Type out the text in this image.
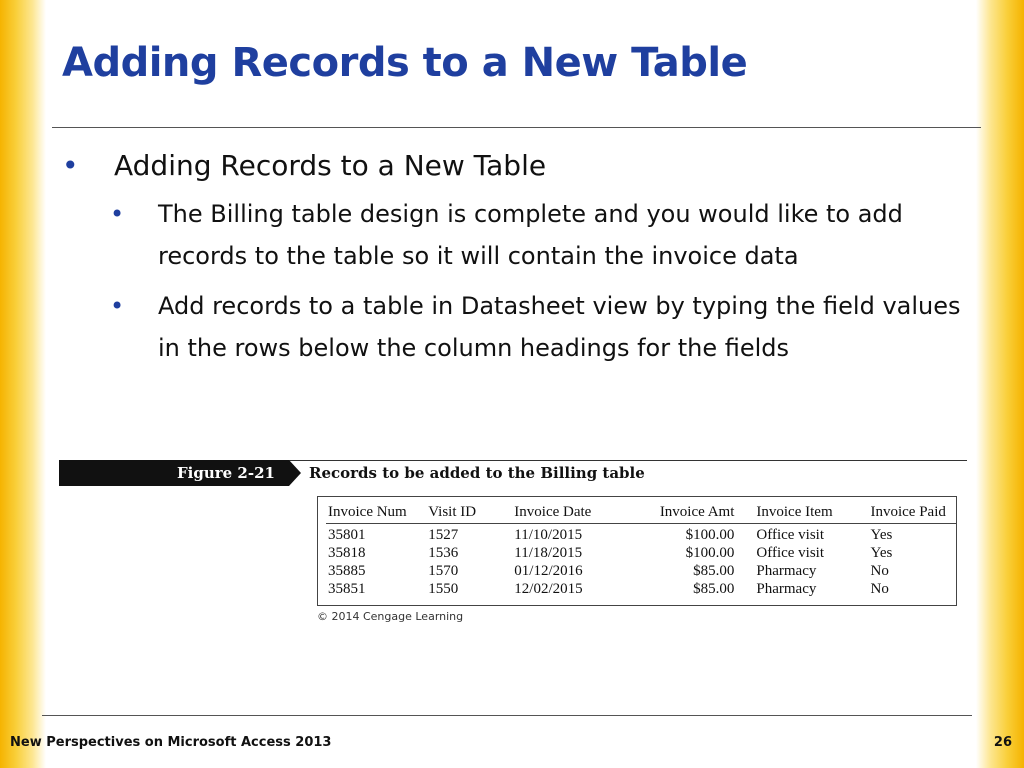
Adding Records to a New Table

• Adding Records to a New Table

• The Billing table design is complete and you would like to add records to the table so it will contain the invoice data
• Add records to a table in Datasheet view by typing the field values in the rows below the column headings for the fields
Figure 2-21	Records to be added to the Billing table
Invoice Num	Visit ID	Invoice Date	Invoice Amt	Invoice Item	Invoice Paid
35801	1527	11/10/2015	$100.00	Office visit	Yes
35818	1536	11/18/2015	$100.00	Office visit	Yes
35885	1570	01/12/2016	$85.00	Pharmacy	No
35851	1550	12/02/2015	$85.00	Pharmacy	No
© 2014 Cengage Learning
New Perspectives on Microsoft Access 2013	26
